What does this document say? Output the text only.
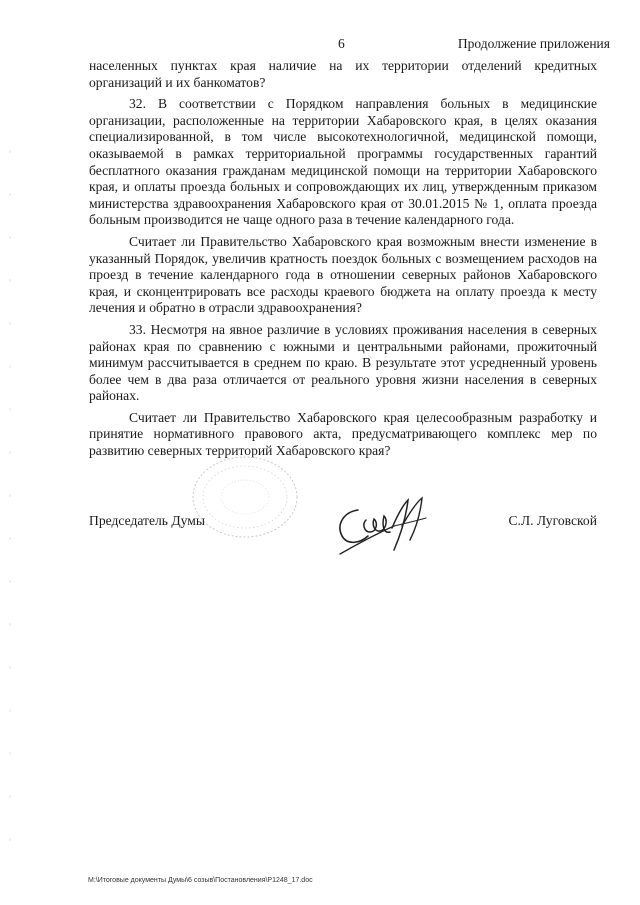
6	Продолжение приложения

населенных пунктах края наличие на их территории отделений кредитных организаций и их банкоматов?

32. В соответствии с Порядком направления больных в медицинские организации, расположенные на территории Хабаровского края, в целях оказания специализированной, в том числе высокотехнологичной, медицинской помощи, оказываемой в рамках территориальной программы государственных гарантий бесплатного оказания гражданам медицинской помощи на территории Хабаровского края, и оплаты проезда больных и сопровождающих их лиц, утвержденным приказом министерства здравоохранения Хабаровского края от 30.01.2015 № 1, оплата проезда больным производится не чаще одного раза в течение календарного года.

Считает ли Правительство Хабаровского края возможным внести изменение в указанный Порядок, увеличив кратность поездок больных с возмещением расходов на проезд в течение календарного года в отношении северных районов Хабаровского края, и сконцентрировать все расходы краевого бюджета на оплату проезда к месту лечения и обратно в отрасли здравоохранения?

33. Несмотря на явное различие в условиях проживания населения в северных районах края по сравнению с южными и центральными районами, прожиточный минимум рассчитывается в среднем по краю. В результате этот усредненный уровень более чем в два раза отличается от реального уровня жизни населения в северных районах.

Считает ли Правительство Хабаровского края целесообразным разработку и принятие нормативного правового акта, предусматривающего комплекс мер по развитию северных территорий Хабаровского края?

Председатель Думы	С.Л. Луговской
M:\Итоговые документы Думы\6 созыв\Постановления\P1248_17.doc
